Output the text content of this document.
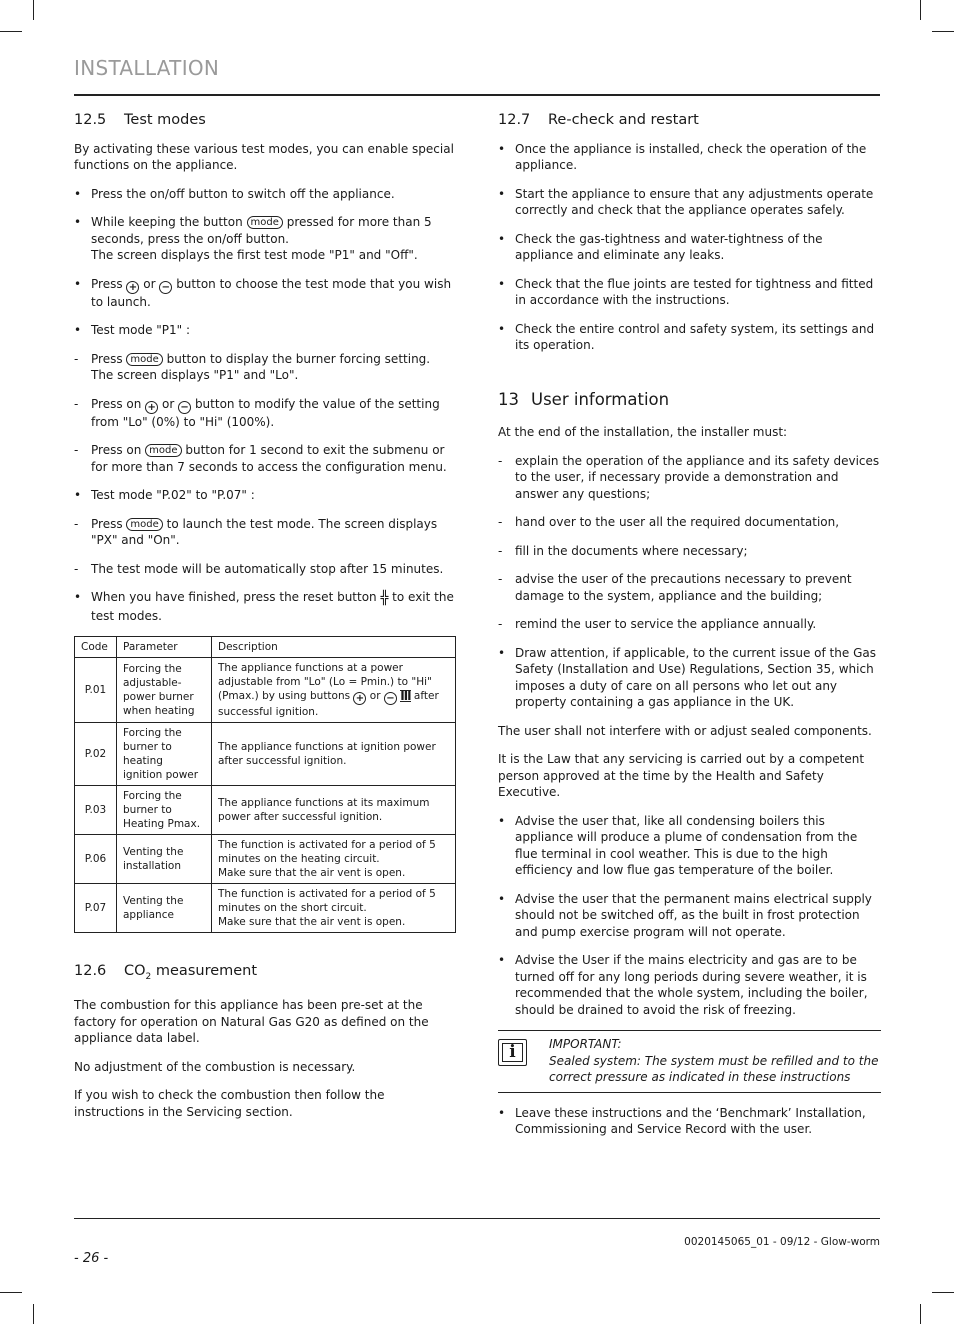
INSTALLATION
12.5 Test modes

By activating these various test modes, you can enable special functions on the appliance.

• Press the on/off button to switch off the appliance.
• While keeping the button mode pressed for more than 5 seconds, press the on/off button.
The screen displays the first test mode "P1" and "Off".
• Press + or − button to choose the test mode that you wish to launch.
• Test mode "P1" :
- Press mode button to display the burner forcing setting. The screen displays "P1" and "Lo".
- Press on + or − button to modify the value of the setting from "Lo" (0%) to "Hi" (100%).
- Press on mode button for 1 second to exit the submenu or for more than 7 seconds to access the configuration menu.
• Test mode "P.02" to "P.07" :
- Press mode to launch the test mode. The screen displays "PX" and "On".
- The test mode will be automatically stop after 15 minutes.
• When you have finished, press the reset button ╬ to exit the test modes.
Code	Parameter	Description
P.01	Forcing the adjustable-power burner when heating	The appliance functions at a power adjustable from "Lo" (Lo = Pmin.) to "Hi" (Pmax.) by using buttons + or − Ⅲ after successful ignition.
P.02	Forcing the burner to heating ignition power	The appliance functions at ignition power after successful ignition.
P.03	Forcing the burner to Heating Pmax.	The appliance functions at its maximum power after successful ignition.
P.06	Venting the installation	The function is activated for a period of 5 minutes on the heating circuit.
Make sure that the air vent is open.
P.07	Venting the appliance	The function is activated for a period of 5 minutes on the short circuit.
Make sure that the air vent is open.
12.6 $CO_2$ measurement

The combustion for this appliance has been pre-set at the factory for operation on Natural Gas G20 as defined on the appliance data label.

No adjustment of the combustion is necessary.

If you wish to check the combustion then follow the instructions in the Servicing section.

12.7 Re-check and restart
• Once the appliance is installed, check the operation of the appliance.
• Start the appliance to ensure that any adjustments operate correctly and check that the appliance operates safely.
• Check the gas-tightness and water-tightness of the appliance and eliminate any leaks.
• Check that the flue joints are tested for tightness and fitted in accordance with the instructions.
• Check the entire control and safety system, its settings and its operation.
13 User information

At the end of the installation, the installer must:

- explain the operation of the appliance and its safety devices to the user, if necessary provide a demonstration and answer any questions;
- hand over to the user all the required documentation,
- fill in the documents where necessary;
- advise the user of the precautions necessary to prevent damage to the system, appliance and the building;
- remind the user to service the appliance annually.
• Draw attention, if applicable, to the current issue of the Gas Safety (Installation and Use) Regulations, Section 35, which imposes a duty of care on all persons who let out any property containing a gas appliance in the UK.

The user shall not interfere with or adjust sealed components.

It is the Law that any servicing is carried out by a competent person approved at the time by the Health and Safety Executive.

• Advise the user that, like all condensing boilers this appliance will produce a plume of condensation from the flue terminal in cool weather. This is due to the high efficiency and low flue gas temperature of the boiler.
• Advise the user that the permanent mains electrical supply should not be switched off, as the built in frost protection and pump exercise program will not operate.
• Advise the User if the mains electricity and gas are to be turned off for any long periods during severe weather, it is recommended that the whole system, including the boiler, should be drained to avoid the risk of freezing.
i	IMPORTANT:
Sealed system: The system must be refilled and to the correct pressure as indicated in these instructions
• Leave these instructions and the ‘Benchmark’ Installation, Commissioning and Service Record with the user.
0020145065_01 - 09/12 - Glow-worm
- 26 -
